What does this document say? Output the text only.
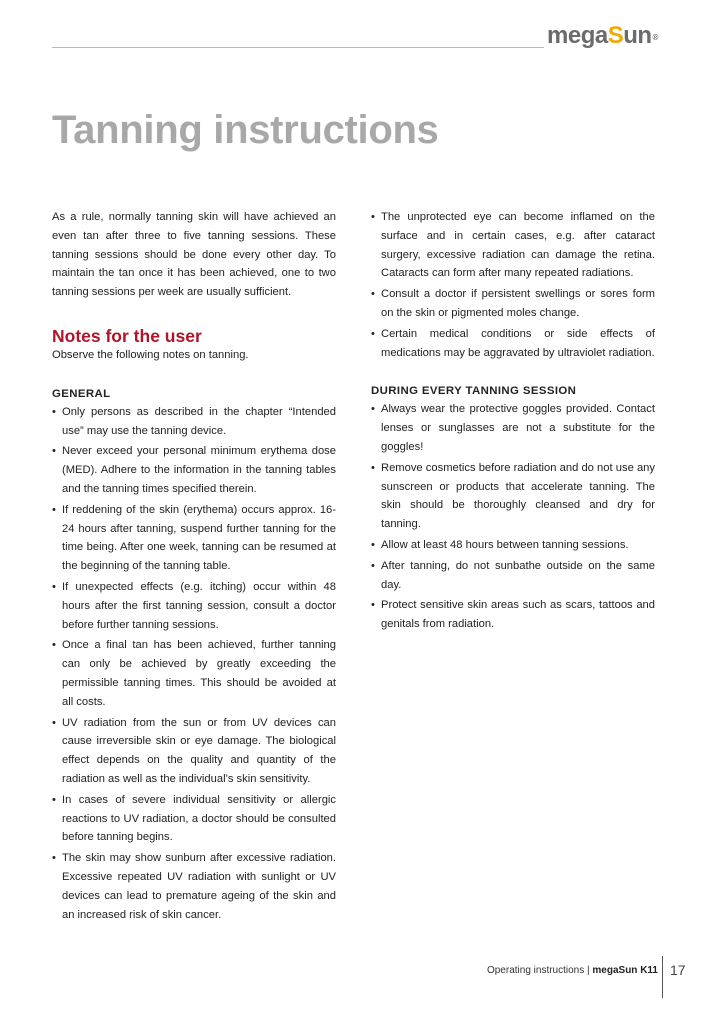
megaSun®
Tanning instructions

As a rule, normally tanning skin will have achieved an even tan after three to five tanning sessions. These tanning sessions should be done every other day. To maintain the tan once it has been achieved, one to two tanning sessions per week are usually sufficient.

Notes for the user

Observe the following notes on tanning.

GENERAL
• Only persons as described in the chapter “Intended use” may use the tanning device.
• Never exceed your personal minimum erythema dose (MED). Adhere to the information in the tanning tables and the tanning times specified therein.
• If reddening of the skin (erythema) occurs approx. 16-24 hours after tanning, suspend further tanning for the time being. After one week, tanning can be resumed at the beginning of the tanning table.
• If unexpected effects (e.g. itching) occur within 48 hours after the first tanning session, consult a doctor before further tanning sessions.
• Once a final tan has been achieved, further tanning can only be achieved by greatly exceeding the permissible tanning times. This should be avoided at all costs.
• UV radiation from the sun or from UV devices can cause irreversible skin or eye damage. The biological effect depends on the quality and quantity of the radiation as well as the individual’s skin sensitivity.
• In cases of severe individual sensitivity or allergic reactions to UV radiation, a doctor should be consulted before tanning begins.
• The skin may show sunburn after excessive radiation. Excessive repeated UV radiation with sunlight or UV devices can lead to premature ageing of the skin and an increased risk of skin cancer.
• The unprotected eye can become inflamed on the surface and in certain cases, e.g. after cataract surgery, excessive radiation can damage the retina. Cataracts can form after many repeated radiations.
• Consult a doctor if persistent swellings or sores form on the skin or pigmented moles change.
• Certain medical conditions or side effects of medications may be aggravated by ultraviolet radiation.
DURING EVERY TANNING SESSION
• Always wear the protective goggles provided. Contact lenses or sunglasses are not a substitute for the goggles!
• Remove cosmetics before radiation and do not use any sunscreen or products that accelerate tanning. The skin should be thoroughly cleansed and dry for tanning.
• Allow at least 48 hours between tanning sessions.
• After tanning, do not sunbathe outside on the same day.
• Protect sensitive skin areas such as scars, tattoos and genitals from radiation.
Operating instructions | megaSun K11 17
